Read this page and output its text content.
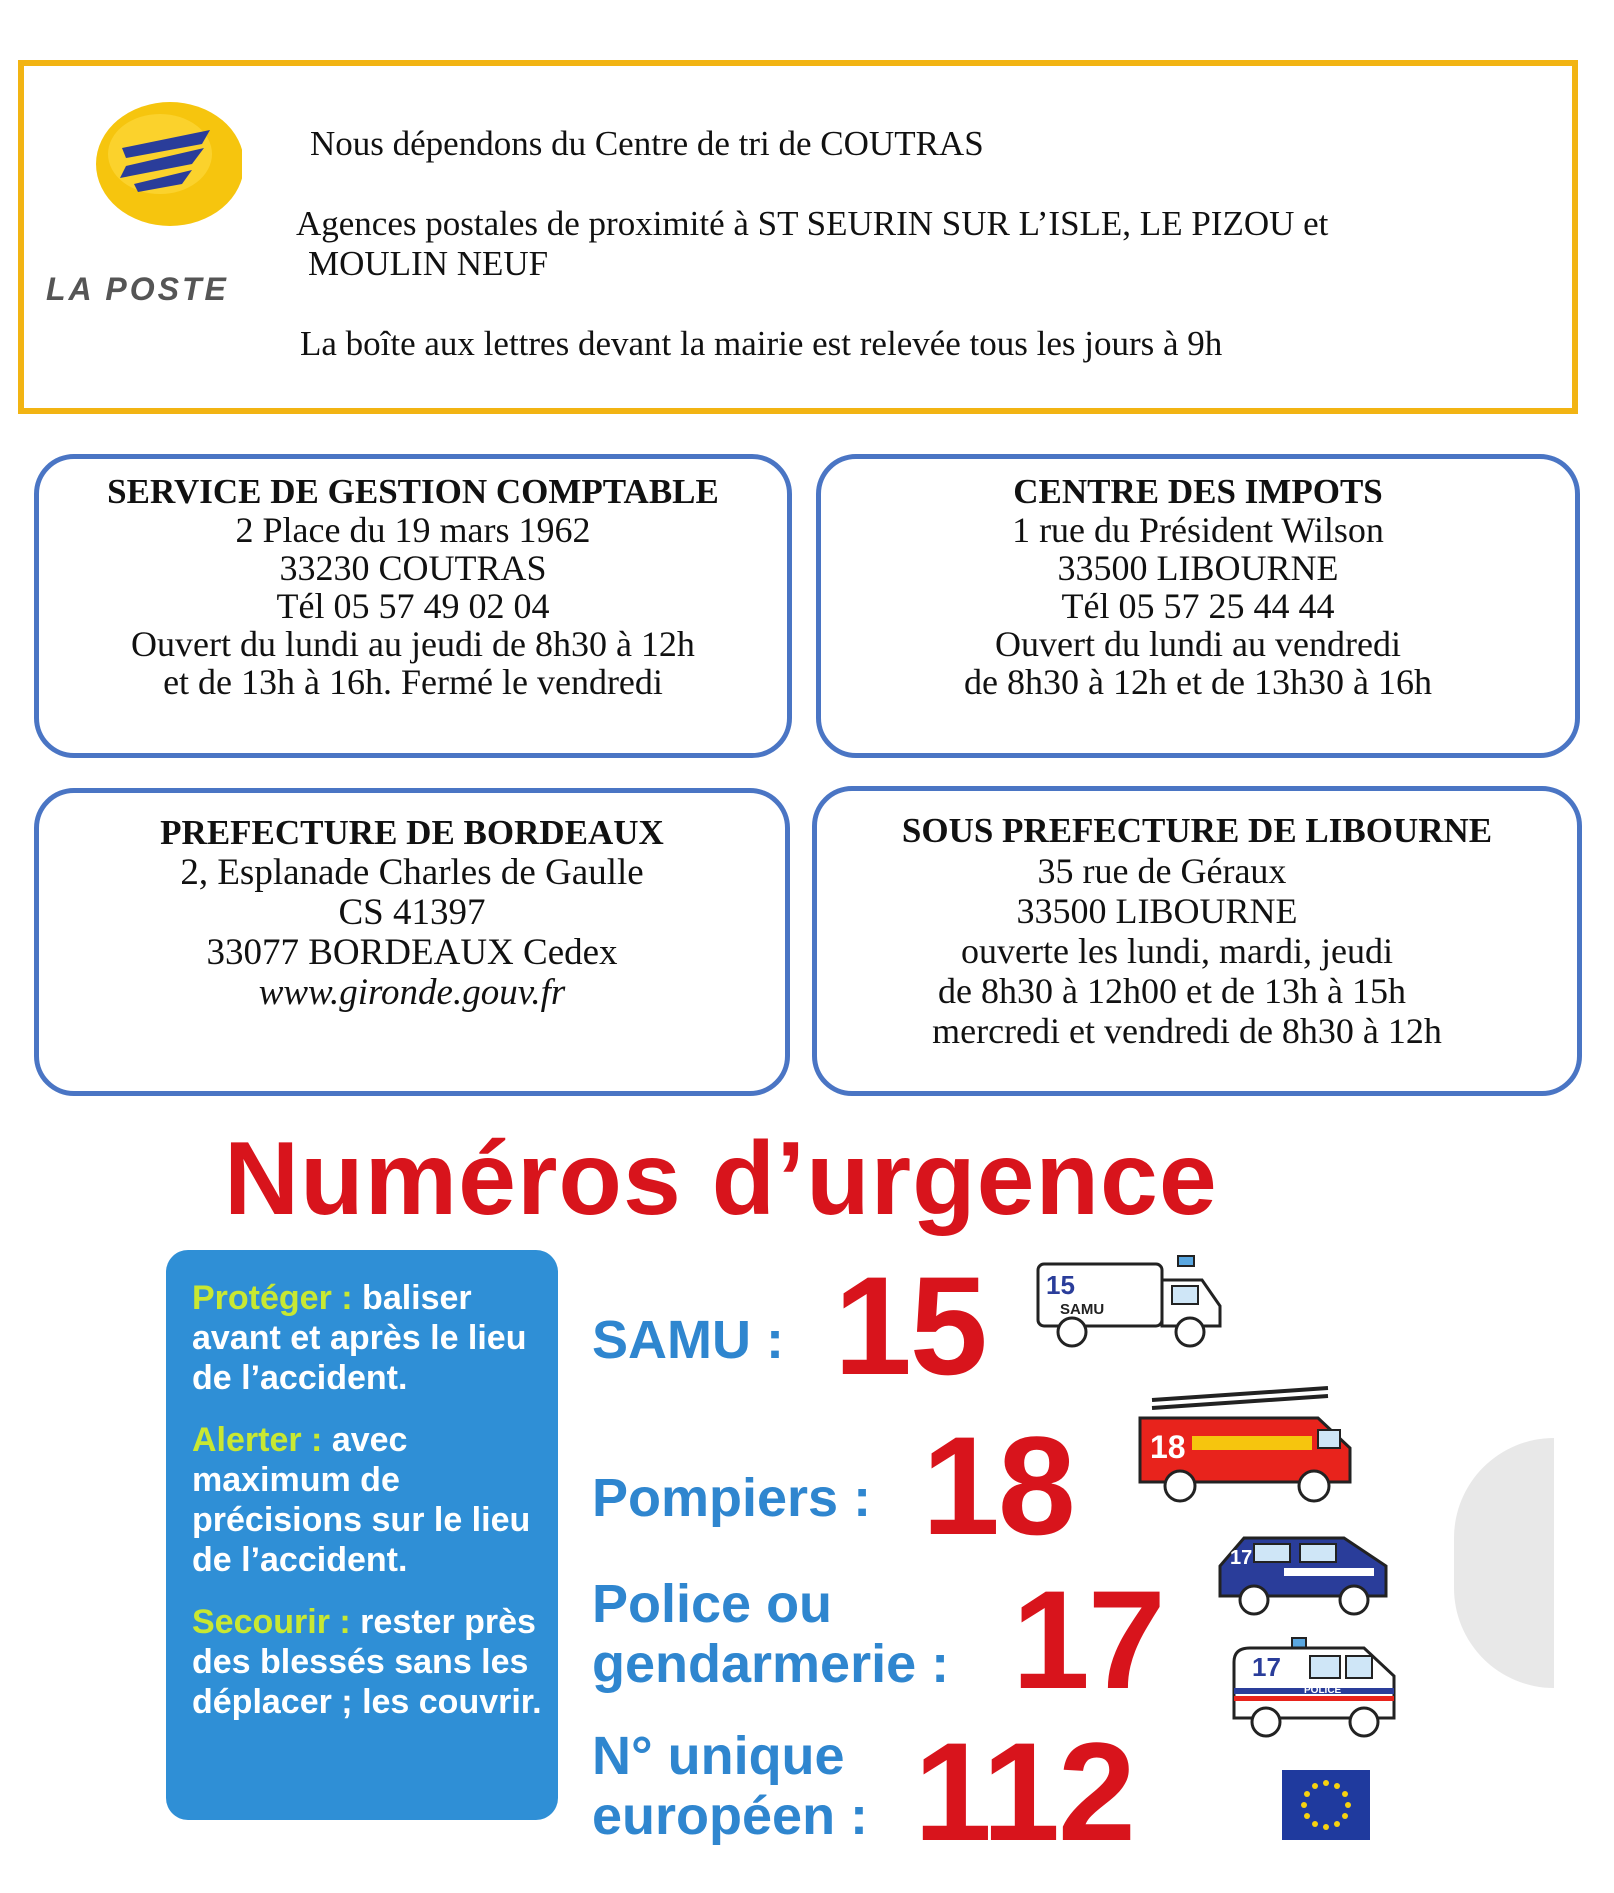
LA POSTE
Nous dépendons du Centre de tri de COUTRAS
Agences postales de proximité à ST SEURIN SUR L’ISLE, LE PIZOU et
MOULIN NEUF
La boîte aux lettres devant la mairie est relevée tous les jours à 9h
SERVICE DE GESTION COMPTABLE
2 Place du 19 mars 1962
33230 COUTRAS
Tél 05 57 49 02 04
Ouvert du lundi au jeudi de 8h30 à 12h
et de 13h à 16h. Fermé le vendredi
CENTRE DES IMPOTS
1 rue du Président Wilson
33500 LIBOURNE
Tél 05 57 25 44 44
Ouvert du lundi au vendredi
de 8h30 à 12h et de 13h30 à 16h
PREFECTURE DE BORDEAUX
2, Esplanade Charles de Gaulle
CS 41397
33077 BORDEAUX Cedex
www.gironde.gouv.fr
SOUS PREFECTURE DE LIBOURNE
35 rue de Géraux
33500 LIBOURNE
ouverte les lundi, mardi, jeudi
de 8h30 à 12h00 et de 13h à 15h
mercredi et vendredi de 8h30 à 12h
Numéros d’urgence

Protéger : baliser avant et après le lieu de l’accident.

Alerter : avec maximum de précisions sur le lieu de l’accident.

Secourir : rester près des blessés sans les déplacer ; les couvrir.

SAMU : 15 15
SAMU
Pompiers : 18 18
Police ou
gendarmerie : 17
17
17
POLICE
N° unique
européen : 112
